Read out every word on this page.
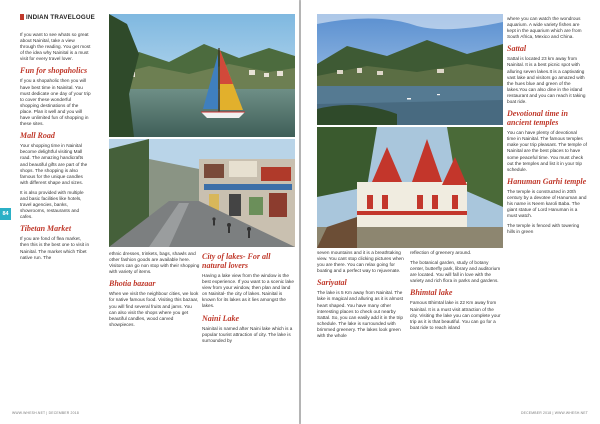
INDIAN TRAVELOGUE

If you want to see whats so great about Nainital, take a view through the reading. You get most of the idea why Nainital is a must visit for every travel lover.

Fun for shopaholics

If you a shopaholic then you will have best time in Nainital. You must dedicate one day of your trip to cover these wonderful shopping destinations of the place. Plan it well and you will have unlimited fun of shopping in these sites.

Mall Road

Your shopping time in Nainital become delightful visiting Mall road. The amazing handicrafts and beautiful gifts are part of the shops. The shopping is also famous for the unique candles with different shape and sizes.

It is also provided with multiple and basic facilities like hotels, travel agencies, banks, showrooms, restaurants and cafes.

Tibetan Market

If you are fond of flea market, then this is the best one to visit in Nainital. The market which Tibet native run. The

ethnic dresses, trinkets, bags, shawls and other fashion goods are available here. Visitors can go non stop with their shopping with variety of items.

Bhotia bazaar

When we visit the neighbour cities, we look for native famous food. Visiting this bazaar, you will find several fruits and jams. You can also visit the shops where you get beautiful candles, wood carved showpieces.

City of lakes- For all natural lovers

Having a lake view from the window is the best experience. If you want to a scenic lake view from your window, then plan and land on Nainital- the city of lakes. Nainital is known for its lakes as it lies amongst the lakes.

Naini Lake

Nainital is named after Naini lake which is a popular tourist attraction of city. The lake is surrounded by

84
WWW.WHESH.NET | DECEMBER 2018

seven mountains and it is a breathtaking view. You cant stop clicking pictures when you are there. You can relax going for boating and a perfect way to rejuvenate.

Sariyatal

The lake is 5 Km away from Nainital. The lake is magical and alluring as it is almost heart shaped. You have many other interesting places to check out nearby Sattal. So, you can easily add it in the trip schedule. The lake is surrounded with brimmed greenery. The lakes look green with the whole

reflection of greenery around.

The botanical garden, study of botany center, butterfly park, library and auditorium are located. You will fall in love with the variety and rich flora in parks and gardens.

Bhimtal lake

Famous Bhimtal lake is 22 Km away from Nainital. It is a must visit attraction of the city. Visiting the lake you can complete your trip as it is that beautiful. You can go for a boat ride to reach island

where you can watch the wondrous aquarium. A wide variety fishes are kept in the aquarium which are from South Africa, Mexico and China.

Sattal

Sattal is located 23 km away from Nainital. It is a best picnic spot with alluring seven lakes.It is a captivating vast lake and visitors go amazed with the hues blue and green of the lakes.You can also dine in the island restaurant and you can reach it taking boat ride.

Devotional time in ancient temples

You can have plenty of devotional time in Nainital. The famous temples make your trip pleasant. The temple of Nainital are the best places to have some peaceful time. You must check out the temples and list it in your trip schedule.

Hanuman Garhi temple

The temple is constructed in 20th century by a devotee of Hanuman and his name is Neem karoli Baba. The giant statue of Lord Hanuman is a must watch.

The temple is fenced with towering hills in green

DECEMBER 2018 | WWW.WHESH.NET
